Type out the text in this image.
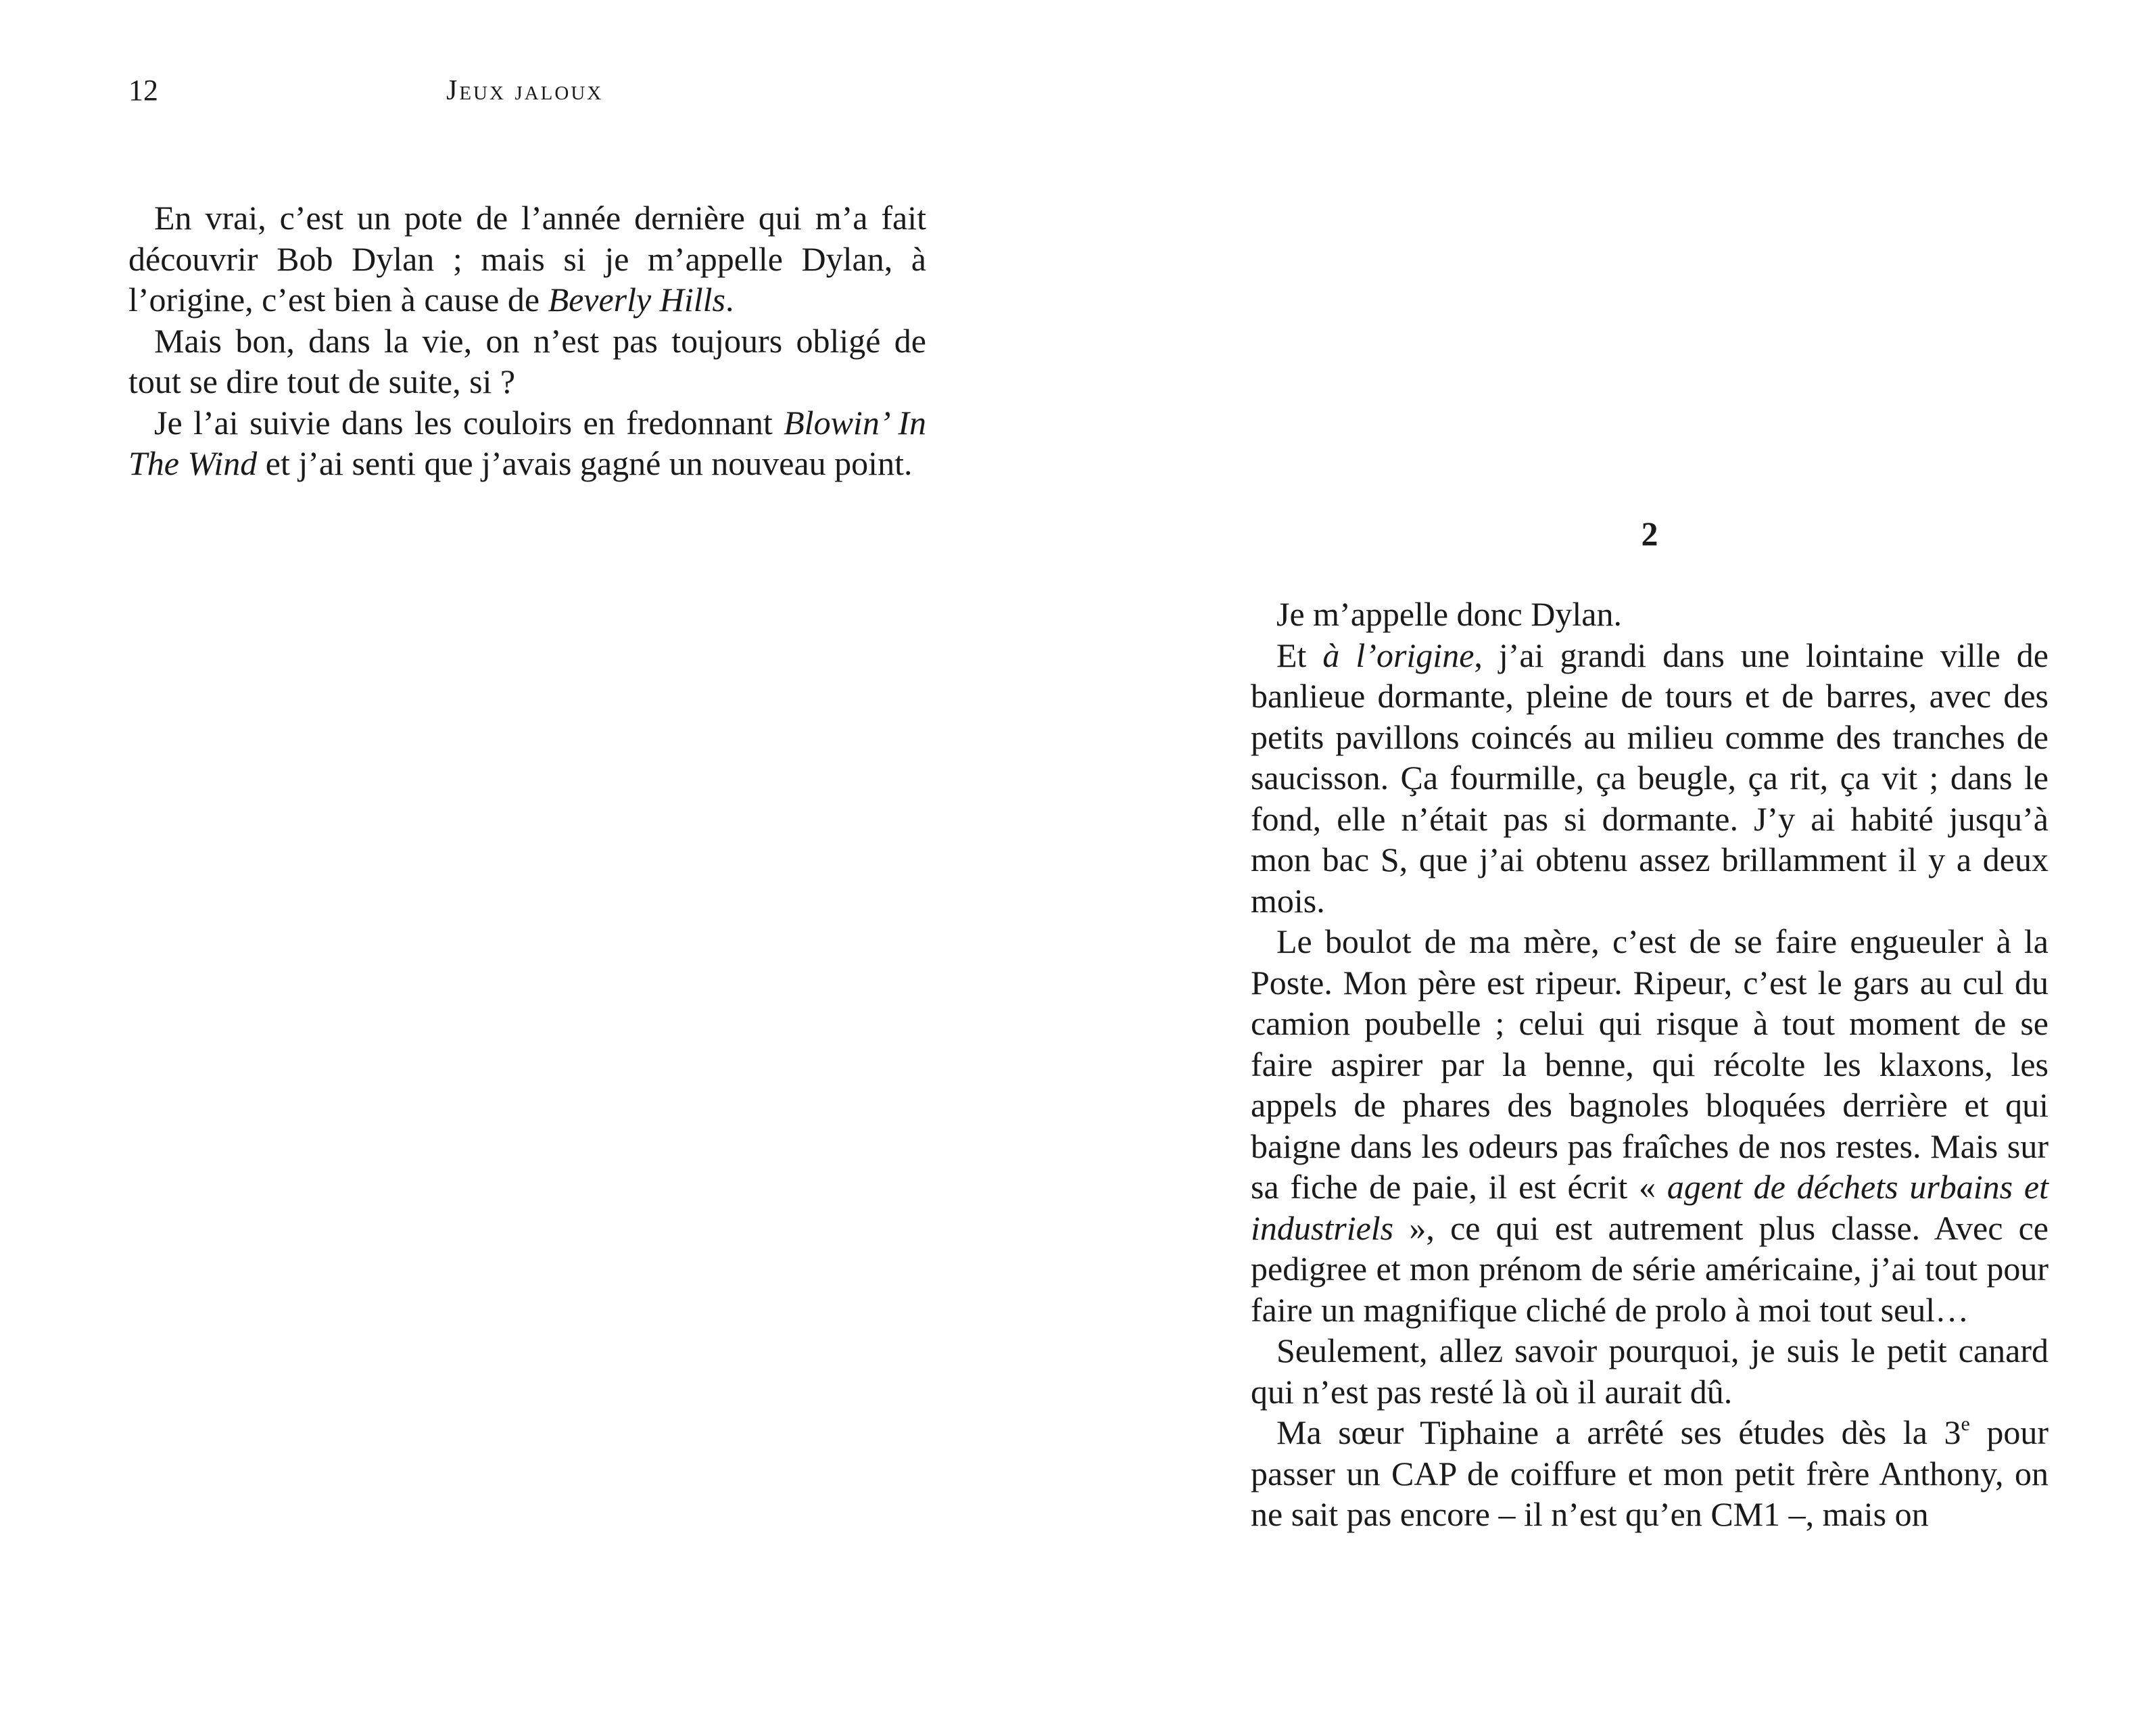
12	Jeux jaloux

En vrai, c’est un pote de l’année dernière qui m’a fait découvrir Bob Dylan ; mais si je m’appelle Dylan, à l’origine, c’est bien à cause de Beverly Hills.

Mais bon, dans la vie, on n’est pas toujours obligé de tout se dire tout de suite, si ?

Je l’ai suivie dans les couloirs en fredonnant Blowin’ In The Wind et j’ai senti que j’avais gagné un nouveau point.

2

Je m’appelle donc Dylan.

Et à l’origine, j’ai grandi dans une lointaine ville de banlieue dormante, pleine de tours et de barres, avec des petits pavillons coincés au milieu comme des tranches de saucisson. Ça fourmille, ça beugle, ça rit, ça vit ; dans le fond, elle n’était pas si dormante. J’y ai habité jusqu’à mon bac S, que j’ai obtenu assez brillamment il y a deux mois.

Le boulot de ma mère, c’est de se faire engueuler à la Poste. Mon père est ripeur. Ripeur, c’est le gars au cul du camion poubelle ; celui qui risque à tout moment de se faire aspirer par la benne, qui récolte les klaxons, les appels de phares des bagnoles bloquées derrière et qui baigne dans les odeurs pas fraîches de nos restes. Mais sur sa fiche de paie, il est écrit « agent de déchets urbains et industriels », ce qui est autrement plus classe. Avec ce pedigree et mon prénom de série américaine, j’ai tout pour faire un magnifique cliché de prolo à moi tout seul…

Seulement, allez savoir pourquoi, je suis le petit canard qui n’est pas resté là où il aurait dû.

Ma sœur Tiphaine a arrêté ses études dès la 3e pour passer un CAP de coiffure et mon petit frère Anthony, on ne sait pas encore – il n’est qu’en CM1 –, mais on
